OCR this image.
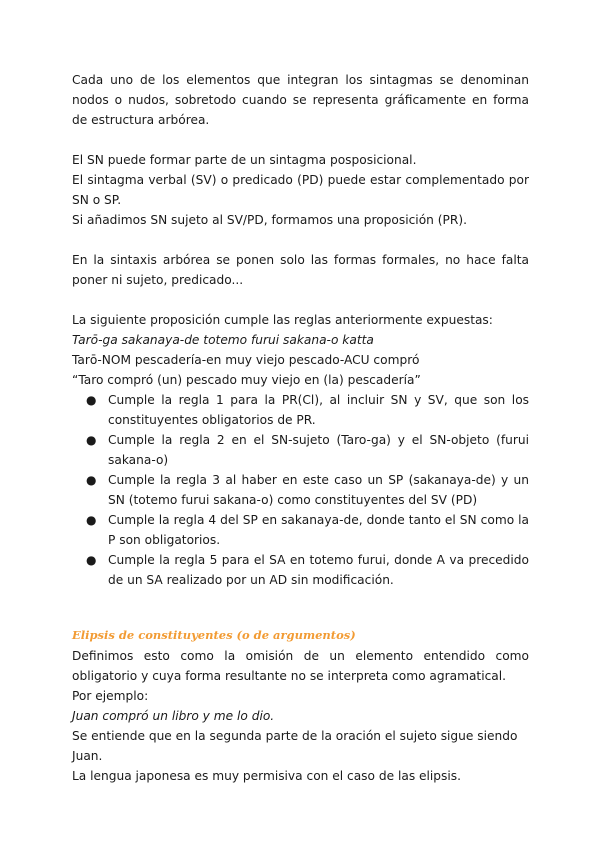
Cada uno de los elementos que integran los sintagmas se denominan nodos o nudos, sobretodo cuando se representa gráficamente en forma de estructura arbórea.

El SN puede formar parte de un sintagma posposicional.

El sintagma verbal (SV) o predicado (PD) puede estar complementado por SN o SP.

Si añadimos SN sujeto al SV/PD, formamos una proposición (PR).

En la sintaxis arbórea se ponen solo las formas formales, no hace falta poner ni sujeto, predicado...

La siguiente proposición cumple las reglas anteriormente expuestas:

Tarō-ga sakanaya-de totemo furui sakana-o katta

Tarō-NOM pescadería-en muy viejo pescado-ACU compró

“Taro compró (un) pescado muy viejo en (la) pescadería”

● Cumple la regla 1 para la PR(Cl), al incluir SN y SV, que son los constituyentes obligatorios de PR.
● Cumple la regla 2 en el SN-sujeto (Taro-ga) y el SN-objeto (furui sakana-o)
● Cumple la regla 3 al haber en este caso un SP (sakanaya-de) y un SN (totemo furui sakana-o) como constituyentes del SV (PD)
● Cumple la regla 4 del SP en sakanaya-de, donde tanto el SN como la P son obligatorios.
● Cumple la regla 5 para el SA en totemo furui, donde A va precedido de un SA realizado por un AD sin modificación.

Elipsis de constituyentes (o de argumentos)

Definimos esto como la omisión de un elemento entendido como obligatorio y cuya forma resultante no se interpreta como agramatical.

Por ejemplo:

Juan compró un libro y me lo dio.

Se entiende que en la segunda parte de la oración el sujeto sigue siendo Juan.

La lengua japonesa es muy permisiva con el caso de las elipsis.
